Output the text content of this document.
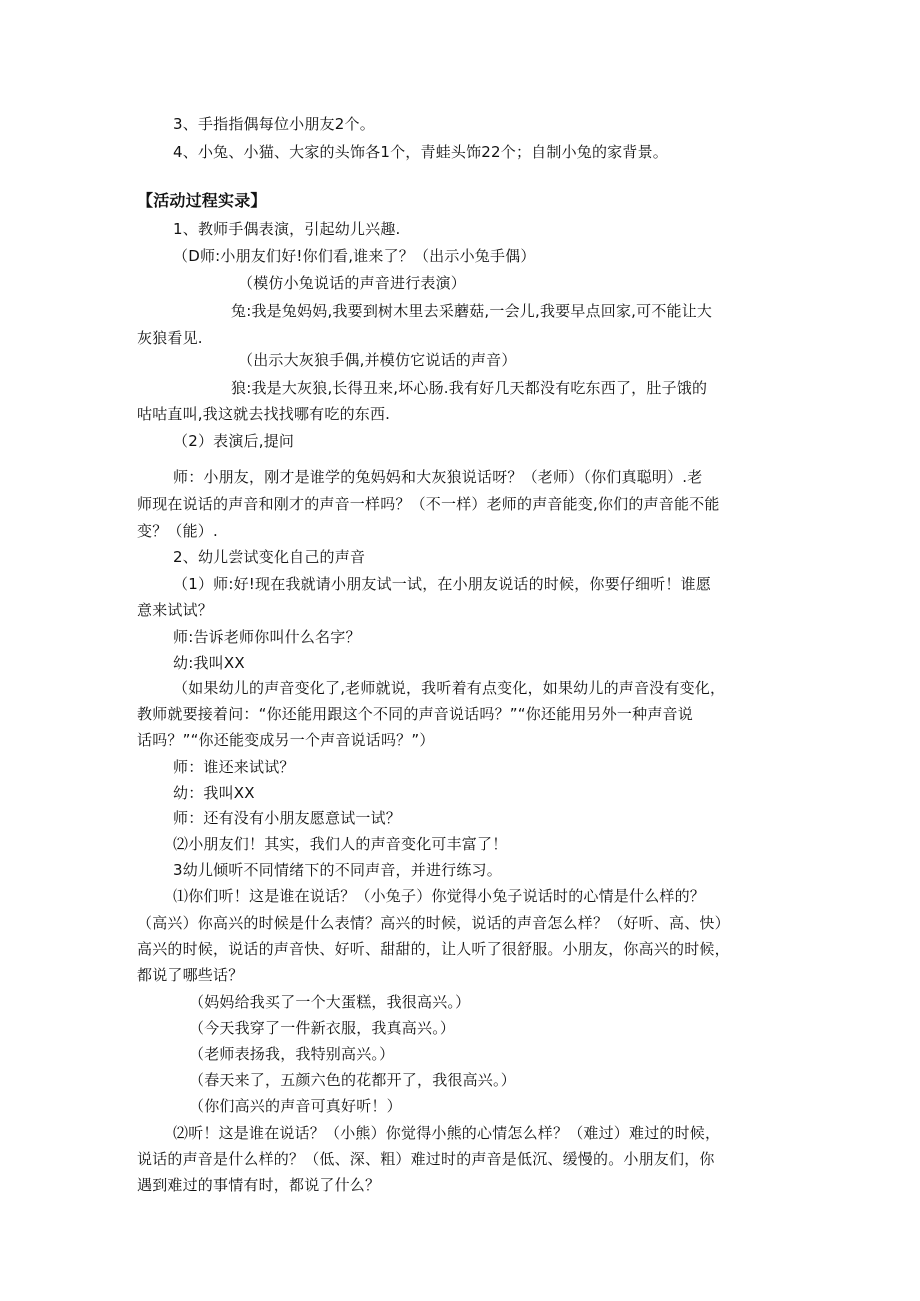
3、手指指偶每位小朋友2个。
4、小兔、小猫、大家的头饰各1个，青蛙头饰22个；自制小兔的家背景。
【活动过程实录】
1、教师手偶表演，引起幼儿兴趣.
（D师:小朋友们好!你们看,谁来了？（出示小兔手偶）
（模仿小兔说话的声音进行表演）
兔:我是兔妈妈,我要到树木里去采蘑菇,一会儿,我要早点回家,可不能让大
灰狼看见.
（出示大灰狼手偶,并模仿它说话的声音）
狼:我是大灰狼,长得丑来,坏心肠.我有好几天都没有吃东西了，肚子饿的
咕咕直叫,我这就去找找哪有吃的东西.
（2）表演后,提问
师：小朋友，刚才是谁学的兔妈妈和大灰狼说话呀？（老师）（你们真聪明）.老
师现在说话的声音和刚才的声音一样吗？（不一样）老师的声音能变,你们的声音能不能
变？（能）.
2、幼儿尝试变化自己的声音
（1）师:好!现在我就请小朋友试一试，在小朋友说话的时候，你要仔细听！谁愿
意来试试？
师:告诉老师你叫什么名字？
幼:我叫XX
（如果幼儿的声音变化了,老师就说，我听着有点变化，如果幼儿的声音没有变化，
教师就要接着问：“你还能用跟这个不同的声音说话吗？”“你还能用另外一种声音说
话吗？”“你还能变成另一个声音说话吗？”）
师：谁还来试试？
幼：我叫XX
师：还有没有小朋友愿意试一试？
⑵小朋友们！其实，我们人的声音变化可丰富了！
3幼儿倾听不同情绪下的不同声音，并进行练习。
⑴你们听！这是谁在说话？（小兔子）你觉得小兔子说话时的心情是什么样的？
（高兴）你高兴的时候是什么表情？高兴的时候，说话的声音怎么样？（好听、高、快）
高兴的时候，说话的声音快、好听、甜甜的，让人听了很舒服。小朋友，你高兴的时候，
都说了哪些话？
（妈妈给我买了一个大蛋糕，我很高兴。）
（今天我穿了一件新衣服，我真高兴。）
（老师表扬我，我特别高兴。）
（春天来了，五颜六色的花都开了，我很高兴。）
（你们高兴的声音可真好听！）
⑵听！这是谁在说话？（小熊）你觉得小熊的心情怎么样？（难过）难过的时候，
说话的声音是什么样的？（低、深、粗）难过时的声音是低沉、缓慢的。小朋友们，你
遇到难过的事情有时，都说了什么？
